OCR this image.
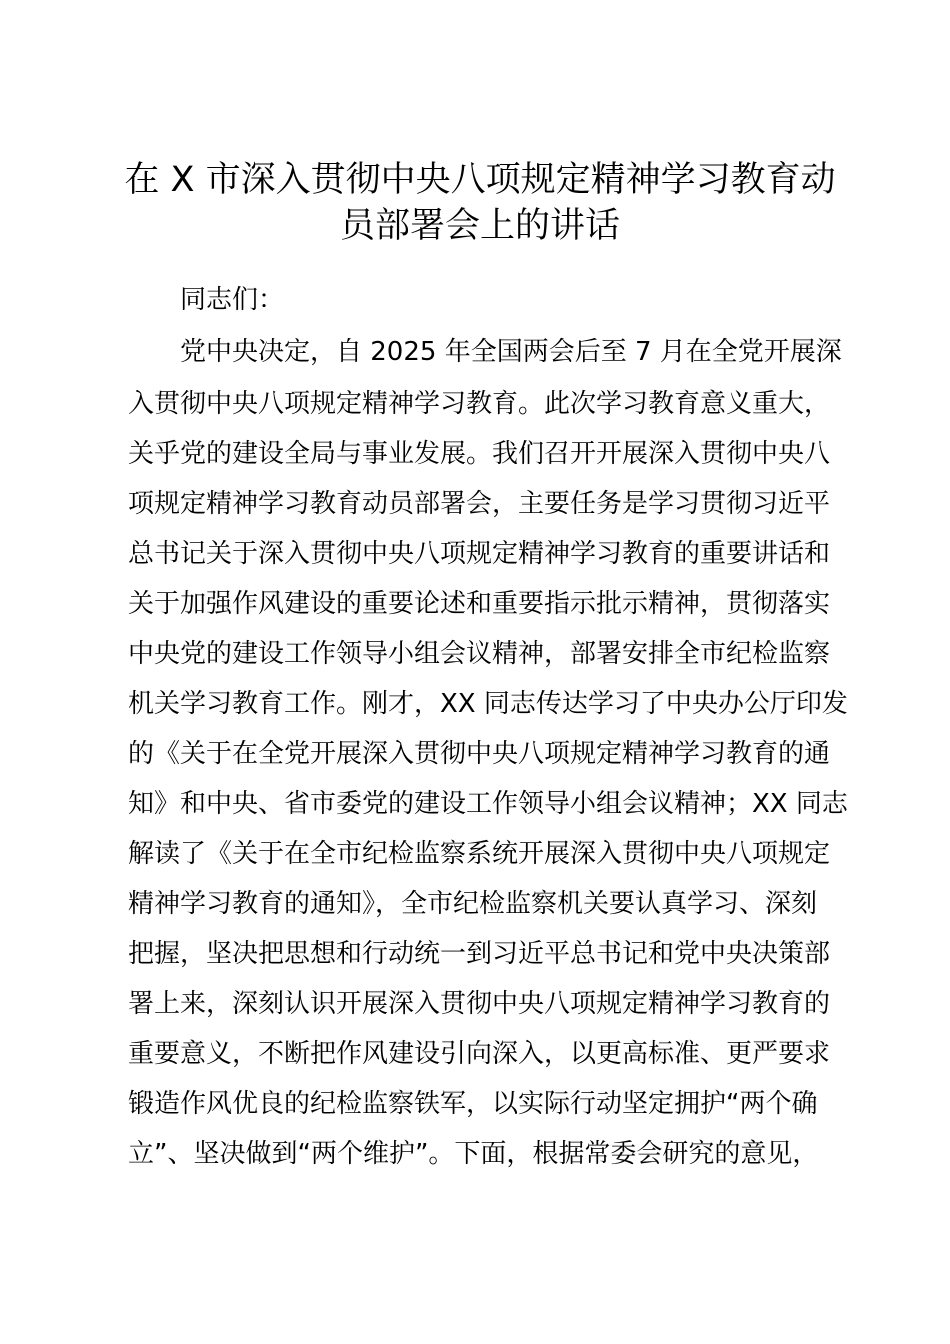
在 X 市深入贯彻中央八项规定精神学习教育动
员部署会上的讲话

同志们：

党中央决定，自 2025 年全国两会后至 7 月在全党开展深

入贯彻中央八项规定精神学习教育。此次学习教育意义重大，

关乎党的建设全局与事业发展。我们召开开展深入贯彻中央八

项规定精神学习教育动员部署会，主要任务是学习贯彻习近平

总书记关于深入贯彻中央八项规定精神学习教育的重要讲话和

关于加强作风建设的重要论述和重要指示批示精神，贯彻落实

中央党的建设工作领导小组会议精神，部署安排全市纪检监察

机关学习教育工作。刚才，XX 同志传达学习了中央办公厅印发

的《关于在全党开展深入贯彻中央八项规定精神学习教育的通

知》和中央、省市委党的建设工作领导小组会议精神；XX 同志

解读了《关于在全市纪检监察系统开展深入贯彻中央八项规定

精神学习教育的通知》，全市纪检监察机关要认真学习、深刻

把握，坚决把思想和行动统一到习近平总书记和党中央决策部

署上来，深刻认识开展深入贯彻中央八项规定精神学习教育的

重要意义，不断把作风建设引向深入，以更高标准、更严要求

锻造作风优良的纪检监察铁军，以实际行动坚定拥护“两个确

立”、坚决做到“两个维护”。下面，根据常委会研究的意见，
